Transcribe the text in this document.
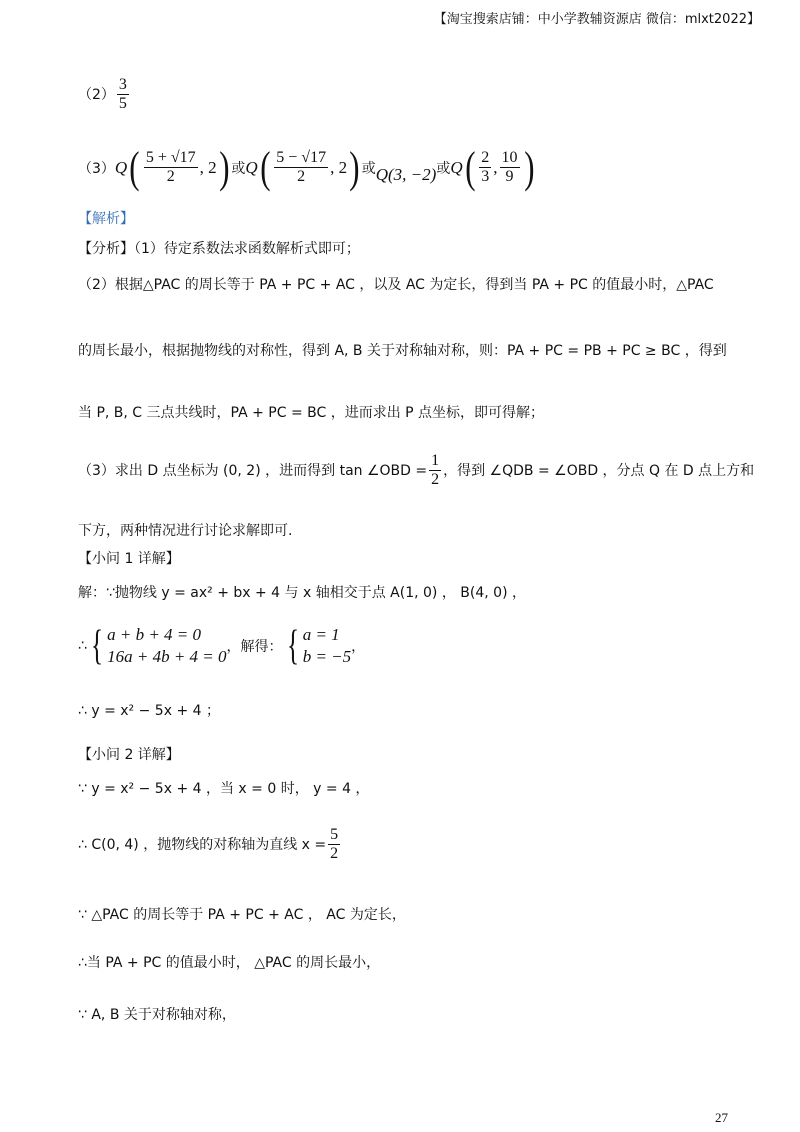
【淘宝搜索店铺：中小学教辅资源店 微信：mlxt2022】
$(2) \frac{3}{5}$
（3） Q ( $\frac{5 + √17}{2}$ , 2 ) 或 Q ( $\frac{5 - √17}{2}$ , 2 ) 或 Q(3, −2) 或 Q ( $\frac{2}{3}$ , $\frac{10}{9}$ )
【解析】
【分析】（1）待定系数法求函数解析式即可；
（2）根据△PAC 的周长等于 PA + PC + AC ，以及 AC 为定长，得到当 PA + PC 的值最小时，△PAC
的周长最小，根据抛物线的对称性，得到 A, B 关于对称轴对称，则：PA + PC = PB + PC ≥ BC ，得到
当 P, B, C 三点共线时，PA + PC = BC ，进而求出 P 点坐标，即可得解；
（3）求出 D 点坐标为 (0, 2) ，进而得到 tan ∠OBD = $\frac{1}{2}$ ，得到 ∠QDB = ∠OBD ，分点 Q 在 D 点上方和
下方，两种情况进行讨论求解即可.
【小问 1 详解】
解：∵抛物线 y = ax² + bx + 4 与 x 轴相交于点 A(1, 0) ， B(4, 0) ，
∴ { a + b + 4 = 0
16a + 4b + 4 = 0 ，解得： { a = 1
b = −5 ，
∴ y = x² − 5x + 4 ；
【小问 2 详解】
∵ y = x² − 5x + 4 ，当 x = 0 时， y = 4 ，
∴ C(0, 4) ，抛物线的对称轴为直线 $x = \frac{5}{2}$
∵ △PAC 的周长等于 PA + PC + AC ， AC 为定长，
∴当 PA + PC 的值最小时， △PAC 的周长最小，
∵ A, B 关于对称轴对称，
27
